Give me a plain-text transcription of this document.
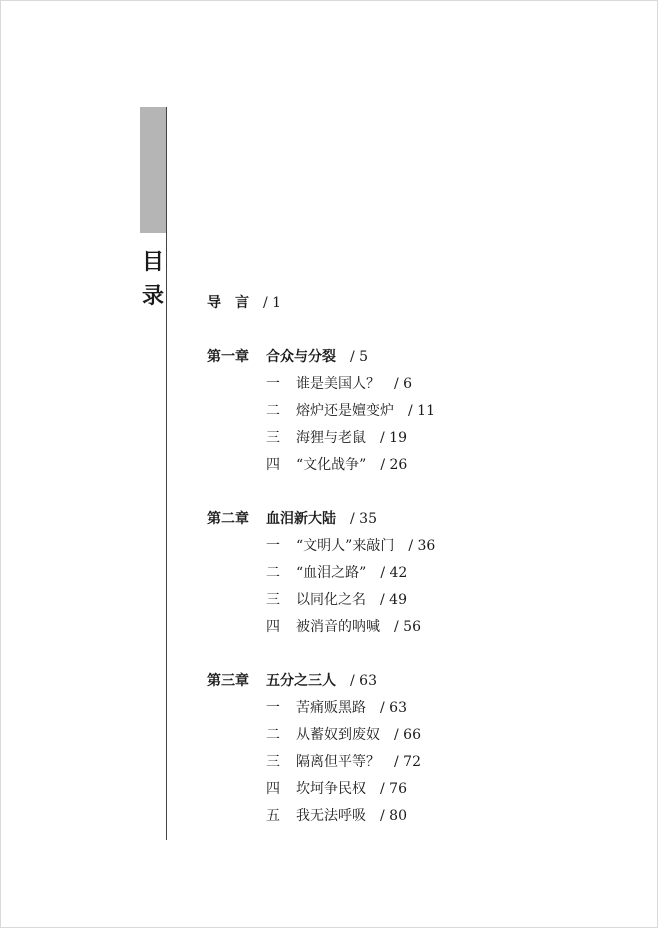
目
录	导　言 / 1
第一章 合众与分裂 / 5
一 谁是美国人？ / 6
二 熔炉还是嬗变炉 / 11
三 海狸与老鼠 / 19
四 “文化战争” / 26
第二章 血泪新大陆 / 35
一 “文明人”来敲门 / 36
二 “血泪之路” / 42
三 以同化之名 / 49
四 被消音的呐喊 / 56
第三章 五分之三人 / 63
一 苦痛贩黑路 / 63
二 从蓄奴到废奴 / 66
三 隔离但平等？ / 72
四 坎坷争民权 / 76
五 我无法呼吸 / 80
